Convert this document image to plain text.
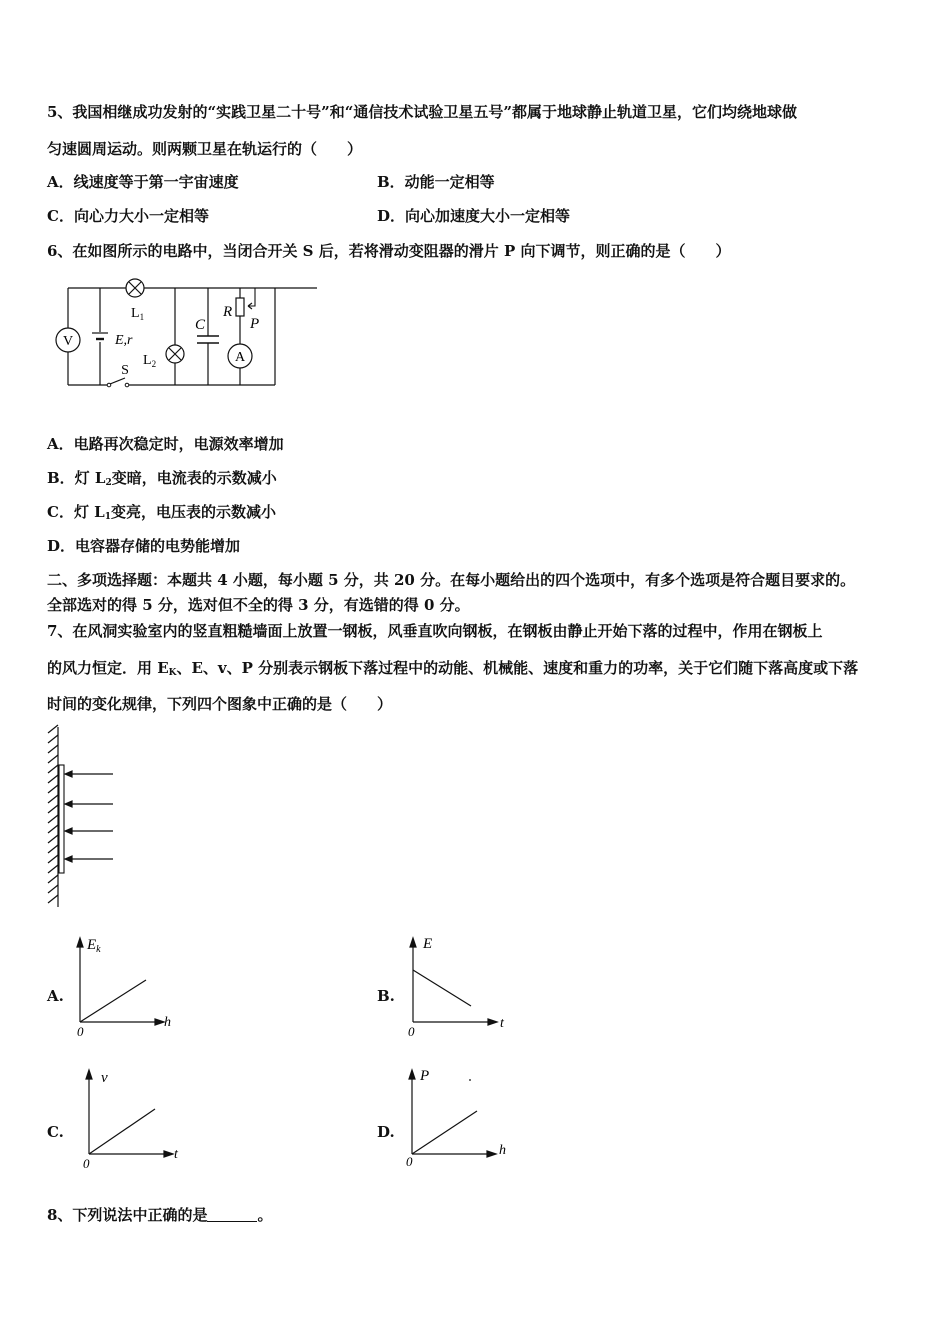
5、我国相继成功发射的“实践卫星二十号”和“通信技术试验卫星五号”都属于地球静止轨道卫星，它们均绕地球做
匀速圆周运动。则两颗卫星在轨运行的（　　）
A．线速度等于第一宇宙速度	B．动能一定相等
C．向心力大小一定相等	D．向心加速度大小一定相等
6、在如图所示的电路中，当闭合开关 S 后，若将滑动变阻器的滑片 P 向下调节，则正确的是（　　）
V	E,r
S
$L_1$
$L_2$
C
R
P
A
A．电路再次稳定时，电源效率增加
B．灯 $L_2$变暗，电流表的示数减小
C．灯 $L_1$变亮，电压表的示数减小
D．电容器存储的电势能增加
二、多项选择题：本题共 4 小题，每小题 5 分，共 20 分。在每小题给出的四个选项中，有多个选项是符合题目要求的。
全部选对的得 5 分，选对但不全的得 3 分，有选错的得 0 分。
7、在风洞实验室内的竖直粗糙墙面上放置一钢板，风垂直吹向钢板，在钢板由静止开始下落的过程中，作用在钢板上
的风力恒定．用 $E_K$、E、v、P 分别表示钢板下落过程中的动能、机械能、速度和重力的功率，关于它们随下落高度或下落
时间的变化规律，下列四个图象中正确的是（　　）
A.	B.
C.	D.
$E_k$
h
0
E
t
0
v
t
0
P
h
0
8、下列说法中正确的是	。
